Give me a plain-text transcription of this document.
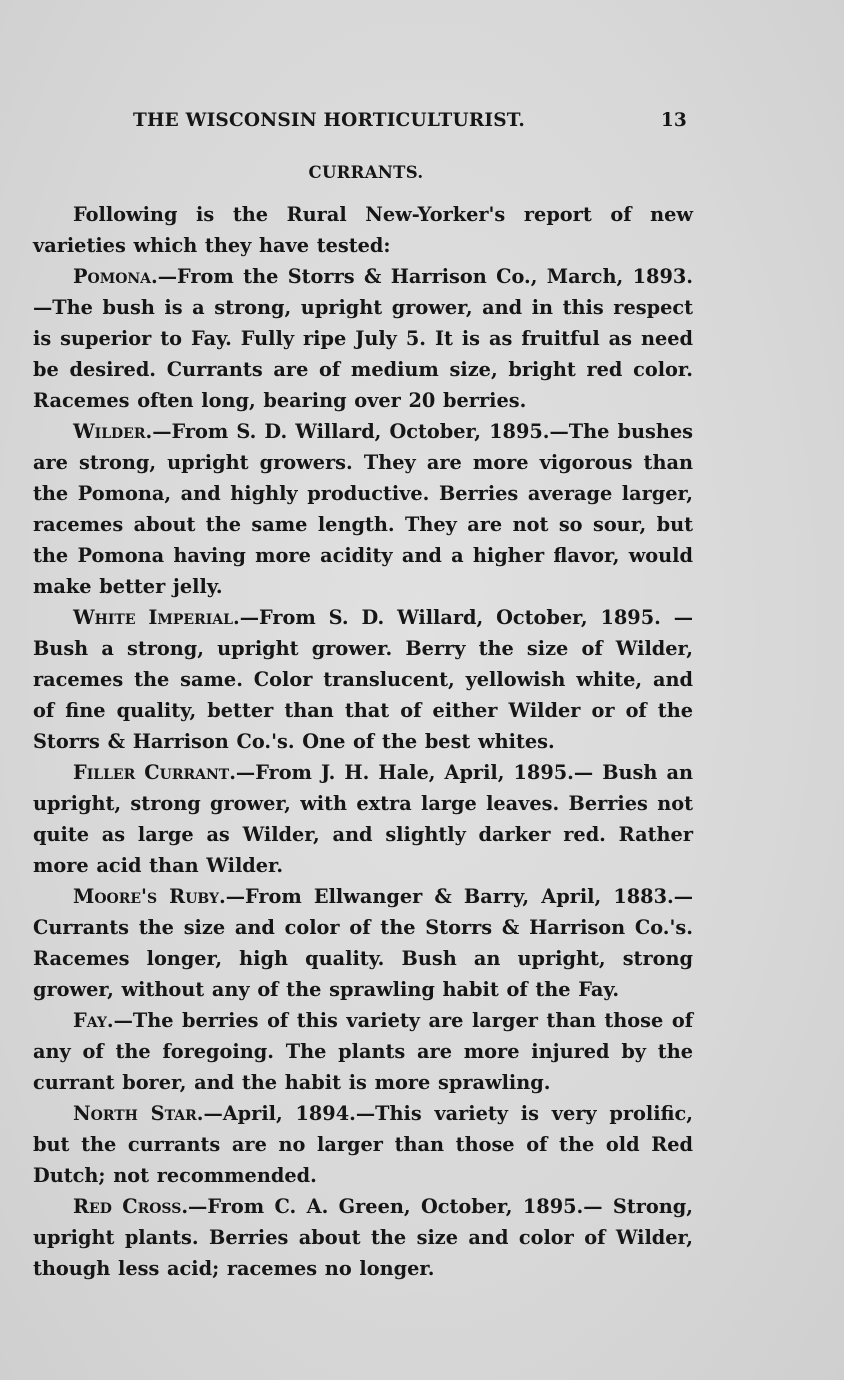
THE WISCONSIN HORTICULTURIST.	13
CURRANTS.

Following is the Rural New-Yorker's report of new varieties which they have tested:

Pomona.—From the Storrs & Harrison Co., March, 1893.—The bush is a strong, upright grower, and in this respect is superior to Fay. Fully ripe July 5. It is as fruitful as need be desired. Currants are of medium size, bright red color. Racemes often long, bearing over 20 berries.

Wilder.—From S. D. Willard, October, 1895.—The bushes are strong, upright growers. They are more vigorous than the Pomona, and highly productive. Berries average larger, racemes about the same length. They are not so sour, but the Pomona having more acidity and a higher flavor, would make better jelly.

White Imperial.—From S. D. Willard, October, 1895. —Bush a strong, upright grower. Berry the size of Wilder, racemes the same. Color translucent, yellowish white, and of fine quality, better than that of either Wilder or of the Storrs & Harrison Co.'s. One of the best whites.

Filler Currant.—From J. H. Hale, April, 1895.— Bush an upright, strong grower, with extra large leaves. Berries not quite as large as Wilder, and slightly darker red. Rather more acid than Wilder.

Moore's Ruby.—From Ellwanger & Barry, April, 1883.—Currants the size and color of the Storrs & Harrison Co.'s. Racemes longer, high quality. Bush an upright, strong grower, without any of the sprawling habit of the Fay.

Fay.—The berries of this variety are larger than those of any of the foregoing. The plants are more injured by the currant borer, and the habit is more sprawling.

North Star.—April, 1894.—This variety is very prolific, but the currants are no larger than those of the old Red Dutch; not recommended.

Red Cross.—From C. A. Green, October, 1895.— Strong, upright plants. Berries about the size and color of Wilder, though less acid; racemes no longer.
